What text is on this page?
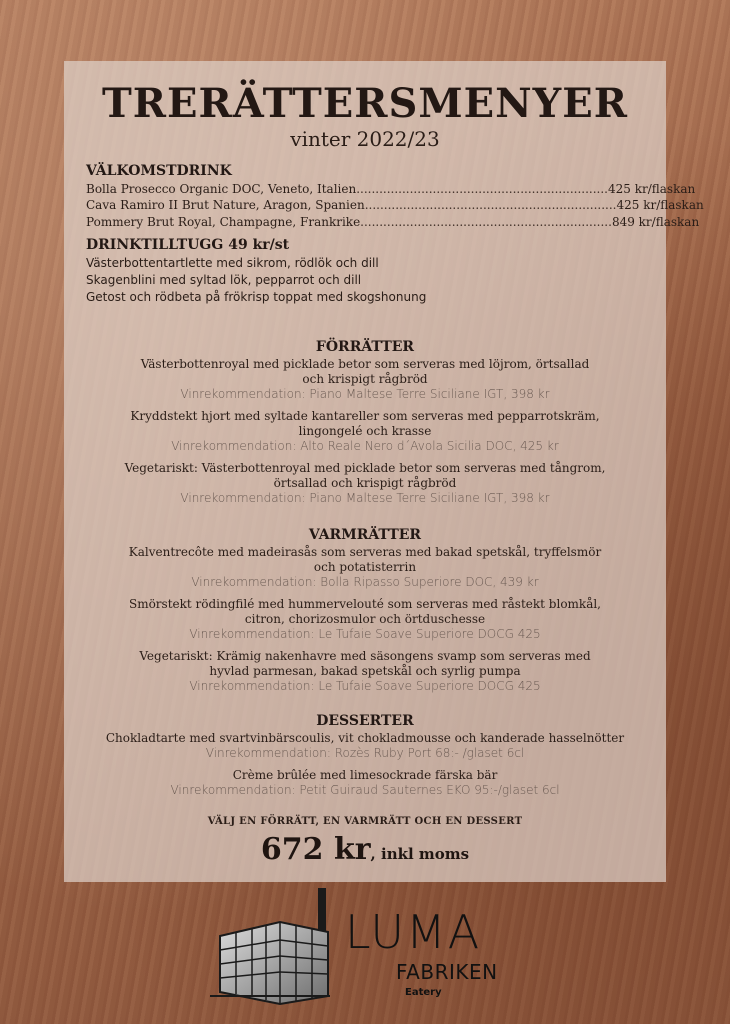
TRERÄTTERSMENYER
vinter 2022/23
VÄLKOMSTDRINK
Bolla Prosecco Organic DOC, Veneto, Italien .................................................................. 425 kr/flaskan
Cava Ramiro II Brut Nature, Aragon, Spanien .................................................................. 425 kr/flaskan
Pommery Brut Royal, Champagne, Frankrike .................................................................. 849 kr/flaskan
DRINKTILLTUGG 49 kr/st
Västerbottentartlette med sikrom, rödlök och dill
Skagenblini med syltad lök, pepparrot och dill
Getost och rödbeta på frökrisp toppat med skogshonung
FÖRRÄTTER
Västerbottenroyal med picklade betor som serveras med löjrom, örtsallad
och krispigt rågbröd
Vinrekommendation: Piano Maltese Terre Siciliane IGT, 398 kr
Kryddstekt hjort med syltade kantareller som serveras med pepparrotskräm,
lingongelé och krasse
Vinrekommendation: Alto Reale Nero d´Avola Sicilia DOC, 425 kr
Vegetariskt: Västerbottenroyal med picklade betor som serveras med tångrom,
örtsallad och krispigt rågbröd
Vinrekommendation: Piano Maltese Terre Siciliane IGT, 398 kr
VARMRÄTTER
Kalventrecôte med madeirasås som serveras med bakad spetskål, tryffelsmör
och potatisterrin
Vinrekommendation: Bolla Ripasso Superiore DOC, 439 kr
Smörstekt rödingfilé med hummervelouté som serveras med råstekt blomkål,
citron, chorizosmulor och örtduschesse
Vinrekommendation: Le Tufaie Soave Superiore DOCG 425
Vegetariskt: Krämig nakenhavre med säsongens svamp som serveras med
hyvlad parmesan, bakad spetskål och syrlig pumpa
Vinrekommendation: Le Tufaie Soave Superiore DOCG 425
DESSERTER
Chokladtarte med svartvinbärscoulis, vit chokladmousse och kanderade hasselnötter
Vinrekommendation: Rozès Ruby Port 68:- /glaset 6cl
Crème brûlée med limesockrade färska bär
Vinrekommendation: Petit Guiraud Sauternes EKO 95:-/glaset 6cl
VÄLJ EN FÖRRÄTT, EN VARMRÄTT OCH EN DESSERT
672 kr, inkl moms
LUMA
FABRIKEN
Eatery
